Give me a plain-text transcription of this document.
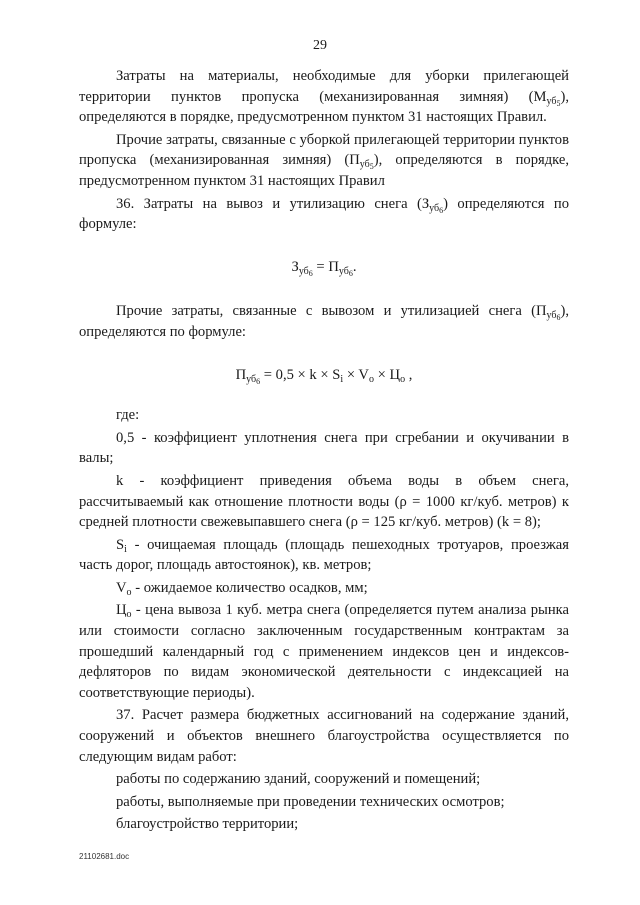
29

Затраты на материалы, необходимые для уборки прилегающей территории пунктов пропуска (механизированная зимняя) $(М_{уб_5})$, определяются в порядке, предусмотренном пунктом 31 настоящих Правил.

Прочие затраты, связанные с уборкой прилегающей территории пунктов пропуска (механизированная зимняя) $(П_{уб_5})$, определяются в порядке, предусмотренном пунктом 31 настоящих Правил

36. Затраты на вывоз и утилизацию снега $(З_{уб_6})$ определяются по формуле:

$З_{уб_6} = П_{уб_6}$.

Прочие затраты, связанные с вывозом и утилизацией снега $(П_{уб_6})$, определяются по формуле:

$П_{уб_6} = 0,5 \times k \times S_i \times V_o \times Ц_о$ ,

где:

0,5 - коэффициент уплотнения снега при сгребании и окучивании в валы;

k - коэффициент приведения объема воды в объем снега, рассчитываемый как отношение плотности воды (ρ = 1000 кг/куб. метров) к средней плотности свежевыпавшего снега (ρ = 125 кг/куб. метров) (k = 8);

$S_i$ - очищаемая площадь (площадь пешеходных тротуаров, проезжая часть дорог, площадь автостоянок), кв. метров;

$V_o$ - ожидаемое количество осадков, мм;

$Ц_о$ - цена вывоза 1 куб. метра снега (определяется путем анализа рынка или стоимости согласно заключенным государственным контрактам за прошедший календарный год с применением индексов цен и индексов-дефляторов по видам экономической деятельности с индексацией на соответствующие периоды).

37. Расчет размера бюджетных ассигнований на содержание зданий, сооружений и объектов внешнего благоустройства осуществляется по следующим видам работ:

работы по содержанию зданий, сооружений и помещений;

работы, выполняемые при проведении технических осмотров;

благоустройство территории;

21102681.doc
